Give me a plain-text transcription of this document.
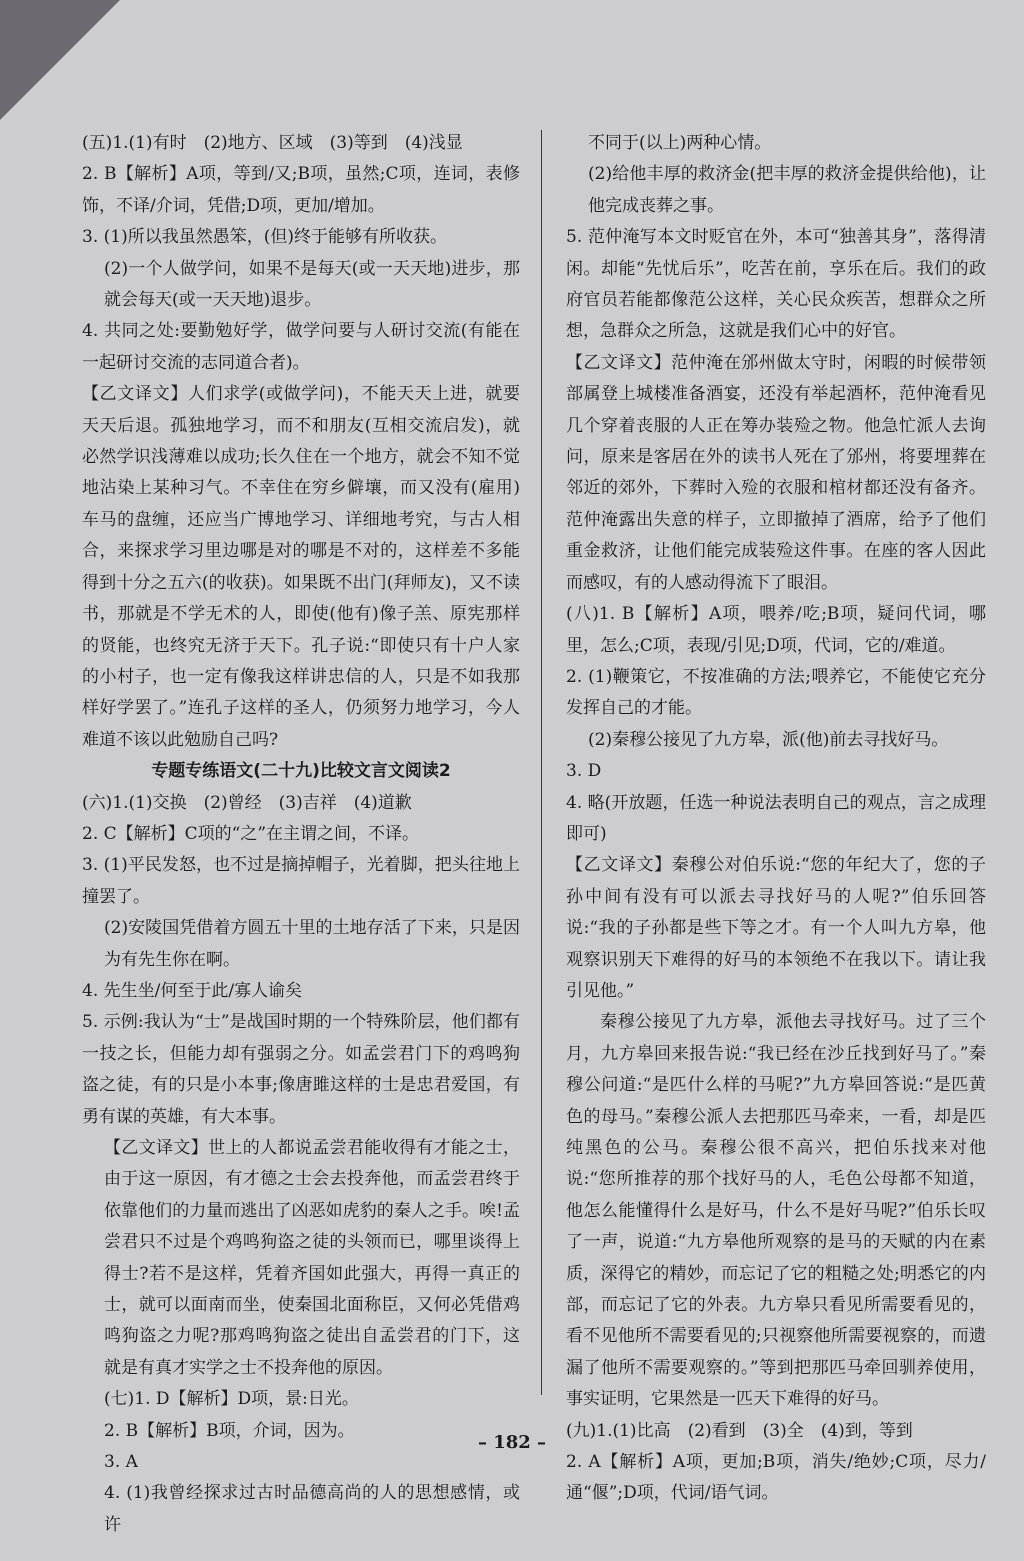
(五)1.(1)有时　(2)地方、区域　(3)等到　(4)浅显

2. B【解析】A项，等到/又;B项，虽然;C项，连词，表修饰，不译/介词，凭借;D项，更加/增加。

3. (1)所以我虽然愚笨，(但)终于能够有所收获。

(2)一个人做学问，如果不是每天(或一天天地)进步，那就会每天(或一天天地)退步。

4. 共同之处:要勤勉好学，做学问要与人研讨交流(有能在一起研讨交流的志同道合者)。

【乙文译文】人们求学(或做学问)，不能天天上进，就要天天后退。孤独地学习，而不和朋友(互相交流启发)，就必然学识浅薄难以成功;长久住在一个地方，就会不知不觉地沾染上某种习气。不幸住在穷乡僻壤，而又没有(雇用)车马的盘缠，还应当广博地学习、详细地考究，与古人相合，来探求学习里边哪是对的哪是不对的，这样差不多能得到十分之五六(的收获)。如果既不出门(拜师友)，又不读书，那就是不学无术的人，即使(他有)像子羔、原宪那样的贤能，也终究无济于天下。孔子说:“即使只有十户人家的小村子，也一定有像我这样讲忠信的人，只是不如我那样好学罢了。”连孔子这样的圣人，仍须努力地学习，今人难道不该以此勉励自己吗?

专题专练语文(二十九)比较文言文阅读2

(六)1.(1)交换　(2)曾经　(3)吉祥　(4)道歉

2. C【解析】C项的“之”在主谓之间，不译。

3. (1)平民发怒，也不过是摘掉帽子，光着脚，把头往地上撞罢了。

(2)安陵国凭借着方圆五十里的土地存活了下来，只是因为有先生你在啊。

4. 先生坐/何至于此/寡人谕矣

5. 示例:我认为“士”是战国时期的一个特殊阶层，他们都有一技之长，但能力却有强弱之分。如孟尝君门下的鸡鸣狗盗之徒，有的只是小本事;像唐雎这样的士是忠君爱国，有勇有谋的英雄，有大本事。

【乙文译文】世上的人都说孟尝君能收得有才能之士，由于这一原因，有才德之士会去投奔他，而孟尝君终于依靠他们的力量而逃出了凶恶如虎豹的秦人之手。唉!孟尝君只不过是个鸡鸣狗盗之徒的头领而已，哪里谈得上得士?若不是这样，凭着齐国如此强大，再得一真正的士，就可以面南而坐，使秦国北面称臣，又何必凭借鸡鸣狗盗之力呢?那鸡鸣狗盗之徒出自孟尝君的门下，这就是有真才实学之士不投奔他的原因。

(七)1. D【解析】D项，景:日光。

2. B【解析】B项，介词，因为。

3. A

4. (1)我曾经探求过古时品德高尚的人的思想感情，或许

不同于(以上)两种心情。

(2)给他丰厚的救济金(把丰厚的救济金提供给他)，让他完成丧葬之事。

5. 范仲淹写本文时贬官在外，本可“独善其身”，落得清闲。却能“先忧后乐”，吃苦在前，享乐在后。我们的政府官员若能都像范公这样，关心民众疾苦，想群众之所想，急群众之所急，这就是我们心中的好官。

【乙文译文】范仲淹在邠州做太守时，闲暇的时候带领部属登上城楼准备酒宴，还没有举起酒杯，范仲淹看见几个穿着丧服的人正在筹办装殓之物。他急忙派人去询问，原来是客居在外的读书人死在了邠州，将要埋葬在邻近的郊外，下葬时入殓的衣服和棺材都还没有备齐。范仲淹露出失意的样子，立即撤掉了酒席，给予了他们重金救济，让他们能完成装殓这件事。在座的客人因此而感叹，有的人感动得流下了眼泪。

(八)1. B【解析】A项，喂养/吃;B项，疑问代词，哪里，怎么;C项，表现/引见;D项，代词，它的/难道。

2. (1)鞭策它，不按准确的方法;喂养它，不能使它充分发挥自己的才能。

(2)秦穆公接见了九方皋，派(他)前去寻找好马。

3. D

4. 略(开放题，任选一种说法表明自己的观点，言之成理即可)

【乙文译文】秦穆公对伯乐说:“您的年纪大了，您的子孙中间有没有可以派去寻找好马的人呢?”伯乐回答说:“我的子孙都是些下等之才。有一个人叫九方皋，他观察识别天下难得的好马的本领绝不在我以下。请让我引见他。”

秦穆公接见了九方皋，派他去寻找好马。过了三个月，九方皋回来报告说:“我已经在沙丘找到好马了。”秦穆公问道:“是匹什么样的马呢?”九方皋回答说:“是匹黄色的母马。”秦穆公派人去把那匹马牵来，一看，却是匹纯黑色的公马。秦穆公很不高兴，把伯乐找来对他说:“您所推荐的那个找好马的人，毛色公母都不知道，他怎么能懂得什么是好马，什么不是好马呢?”伯乐长叹了一声，说道:“九方皋他所观察的是马的天赋的内在素质，深得它的精妙，而忘记了它的粗糙之处;明悉它的内部，而忘记了它的外表。九方皋只看见所需要看见的，看不见他所不需要看见的;只视察他所需要视察的，而遗漏了他所不需要观察的。”等到把那匹马牵回驯养使用，事实证明，它果然是一匹天下难得的好马。

(九)1.(1)比高　(2)看到　(3)全　(4)到，等到

2. A【解析】A项，更加;B项，消失/绝妙;C项，尽力/通“偃”;D项，代词/语气词。

– 182 –
